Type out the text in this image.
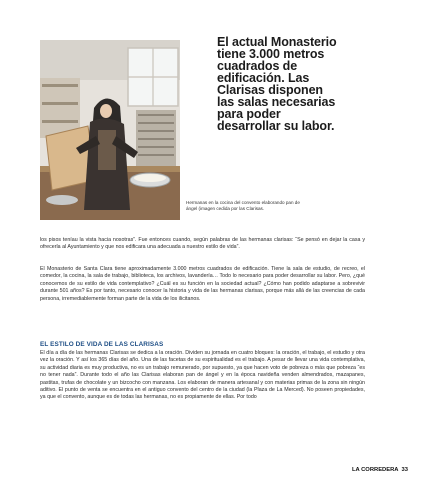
El actual Monasterio tiene 3.000 metros cuadrados de edificación. Las Clarisas disponen las salas necesarias para poder desarrollar su labor.

Hermanas en la cocina del convento elaborando pan de ángel (imagen cedida por las Clarisas.

los pisos teníau la vista hacia nosotras”. Fue entonces cuando, según palabras de las hermanas clarisas: “Se pensó en dejar la casa y ofrecerla al Ayuntamiento y que nos edificara una adecuada a nuestro estilo de vida”.

El Monasterio de Santa Clara tiene aproximadamente 3.000 metros cuadrados de edificación. Tiene la sala de estudio, de recreo, el comedor, la cocina, la sala de trabajo, biblioteca, los archivos, lavandería… Todo lo necesario para poder desarrollar su labor. Pero, ¿qué conocemos de su estilo de vida contemplativo? ¿Cuál es su función en la sociedad actual? ¿Cómo han podido adaptarse a sobrevivir durante 501 años? Es por tanto, necesario conocer la historia y vida de las hermanas clarisas, porque más allá de las creencias de cada persona, irremediablemente forman parte de la vida de los ilicitanos.

EL ESTILO DE VIDA DE LAS CLARISAS

El día a día de las hermanas Clarisas se dedica a la oración. Dividen su jornada en cuatro bloques: la oración, el trabajo, el estudio y otra vez la oración. Y así los 365 días del año. Una de las facetas de su espiritualidad es el trabajo. A pesar de llevar una vida contemplativa, su actividad diaria es muy productiva, no es un trabajo remunerado, por supuesto, ya que hacen voto de pobreza o más que pobreza “es no tener nada”. Durante todo el año las Clarisas elaboran pan de ángel y en la época navideña venden almendrados, mazapanes, pastitas, trufas de chocolate y un bizcocho con manzana. Los elaboran de manera artesanal y con materias primas de la zona sin ningún aditivo. El punto de venta se encuentra en el antiguo convento del centro de la ciudad (la Plaza de La Merced). No poseen propiedades, ya que el convento, aunque es de todas las hermanas, no es propiamente de ellas. Por todo

LA CORREDERA 33
